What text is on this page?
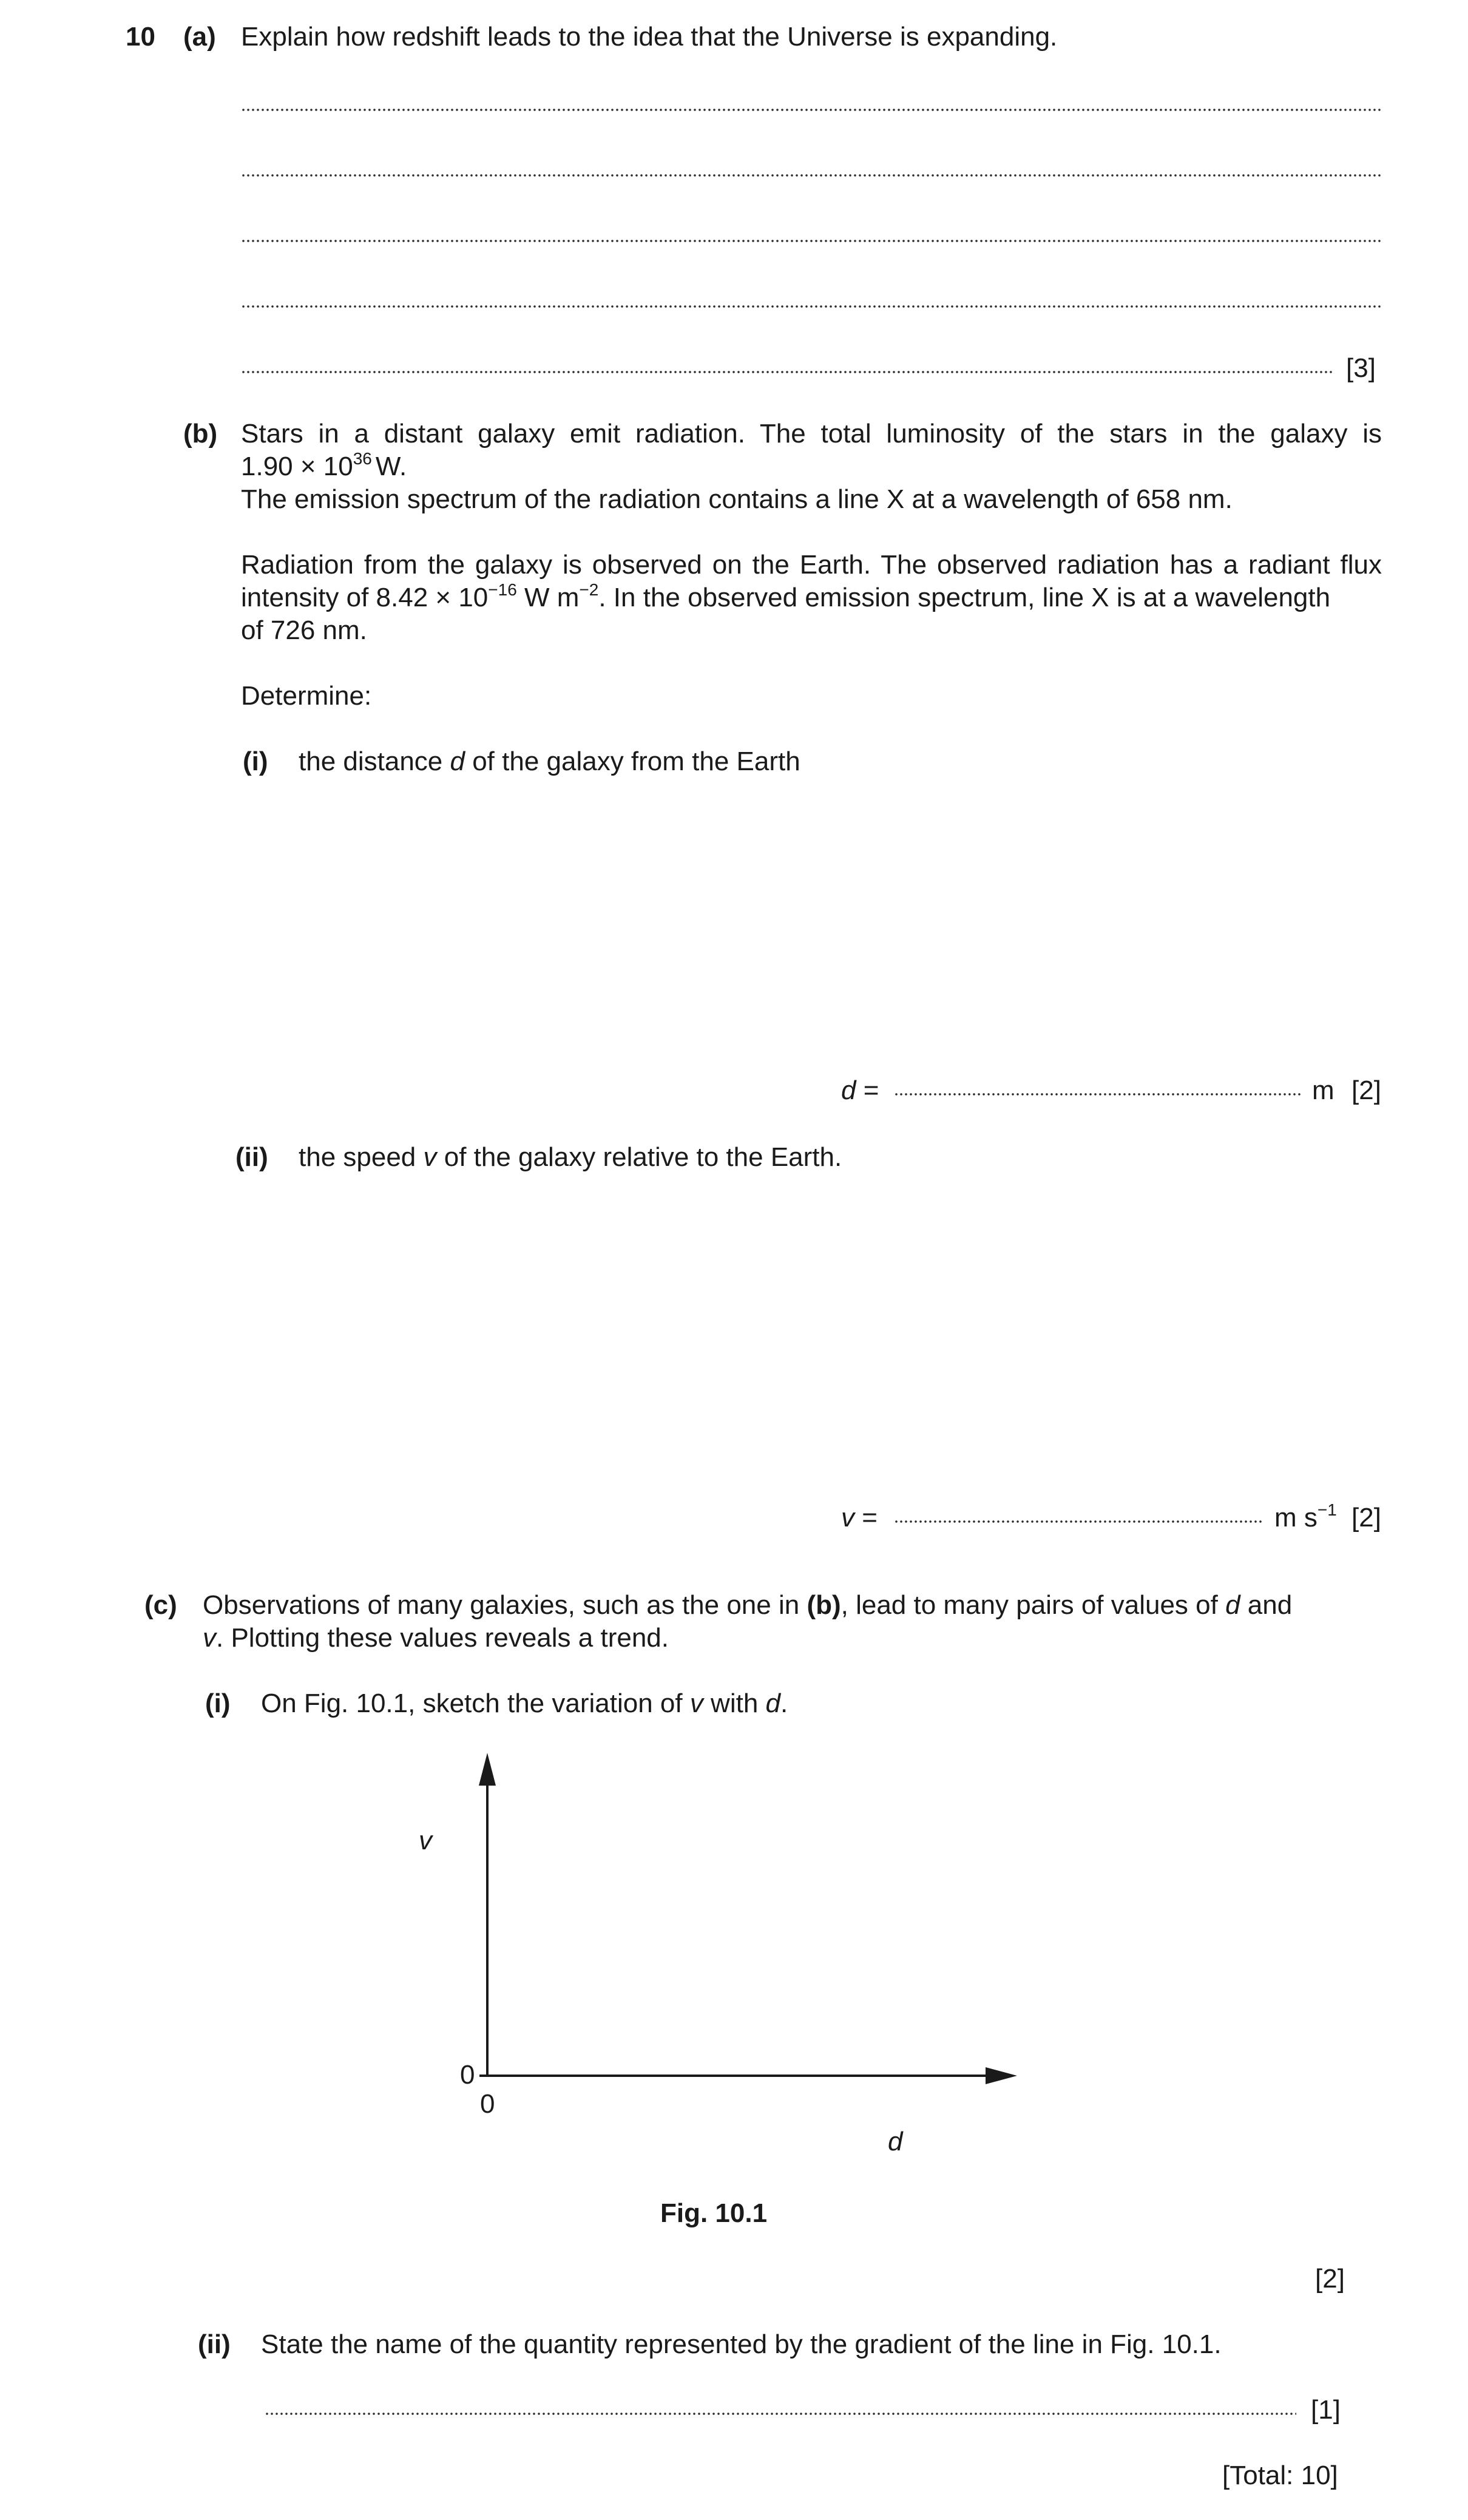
10 (a) Explain how redshift leads to the idea that the Universe is expanding.
[3]
(b) Stars in a distant galaxy emit radiation. The total luminosity of the stars in the galaxy is
$1.90 \times 10^{36}$ W.
The emission spectrum of the radiation contains a line X at a wavelength of 658 nm.
Radiation from the galaxy is observed on the Earth. The observed radiation has a radiant flux
intensity of $8.42 \times 10^{-16}$ W $m^{-2}$. In the observed emission spectrum, line X is at a wavelength
of 726 nm.
Determine:
(i) the distance d of the galaxy from the Earth
d =	m [2]
(ii) the speed v of the galaxy relative to the Earth.
v =	m $s^{-1}$ [2]
(c) Observations of many galaxies, such as the one in (b), lead to many pairs of values of d and
v. Plotting these values reveals a trend.
(i) On Fig. 10.1, sketch the variation of v with d.
v
0
0
d
Fig. 10.1
[2]
(ii) State the name of the quantity represented by the gradient of the line in Fig. 10.1.
[1]
[Total: 10]
